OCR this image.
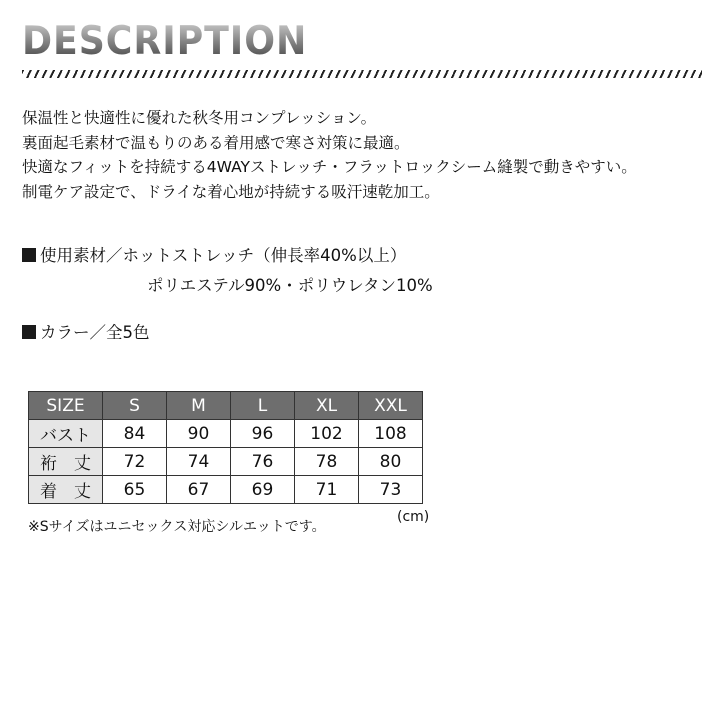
DESCRIPTION
保温性と快適性に優れた秋冬用コンプレッション。
裏面起毛素材で温もりのある着用感で寒さ対策に最適。
快適なフィットを持続する4WAYストレッチ・フラットロックシーム縫製で動きやすい。
制電ケア設定で、ドライな着心地が持続する吸汗速乾加工。
使用素材／ホットストレッチ（伸長率40%以上）
ポリエステル90%・ポリウレタン10%
カラー／全5色
SIZE	S	M	L	XL	XXL
バスト	84	90	96	102	108
裄　丈	72	74	76	78	80
着　丈	65	67	69	71	73
※Sサイズはユニセックス対応シルエットです。
(cm)
